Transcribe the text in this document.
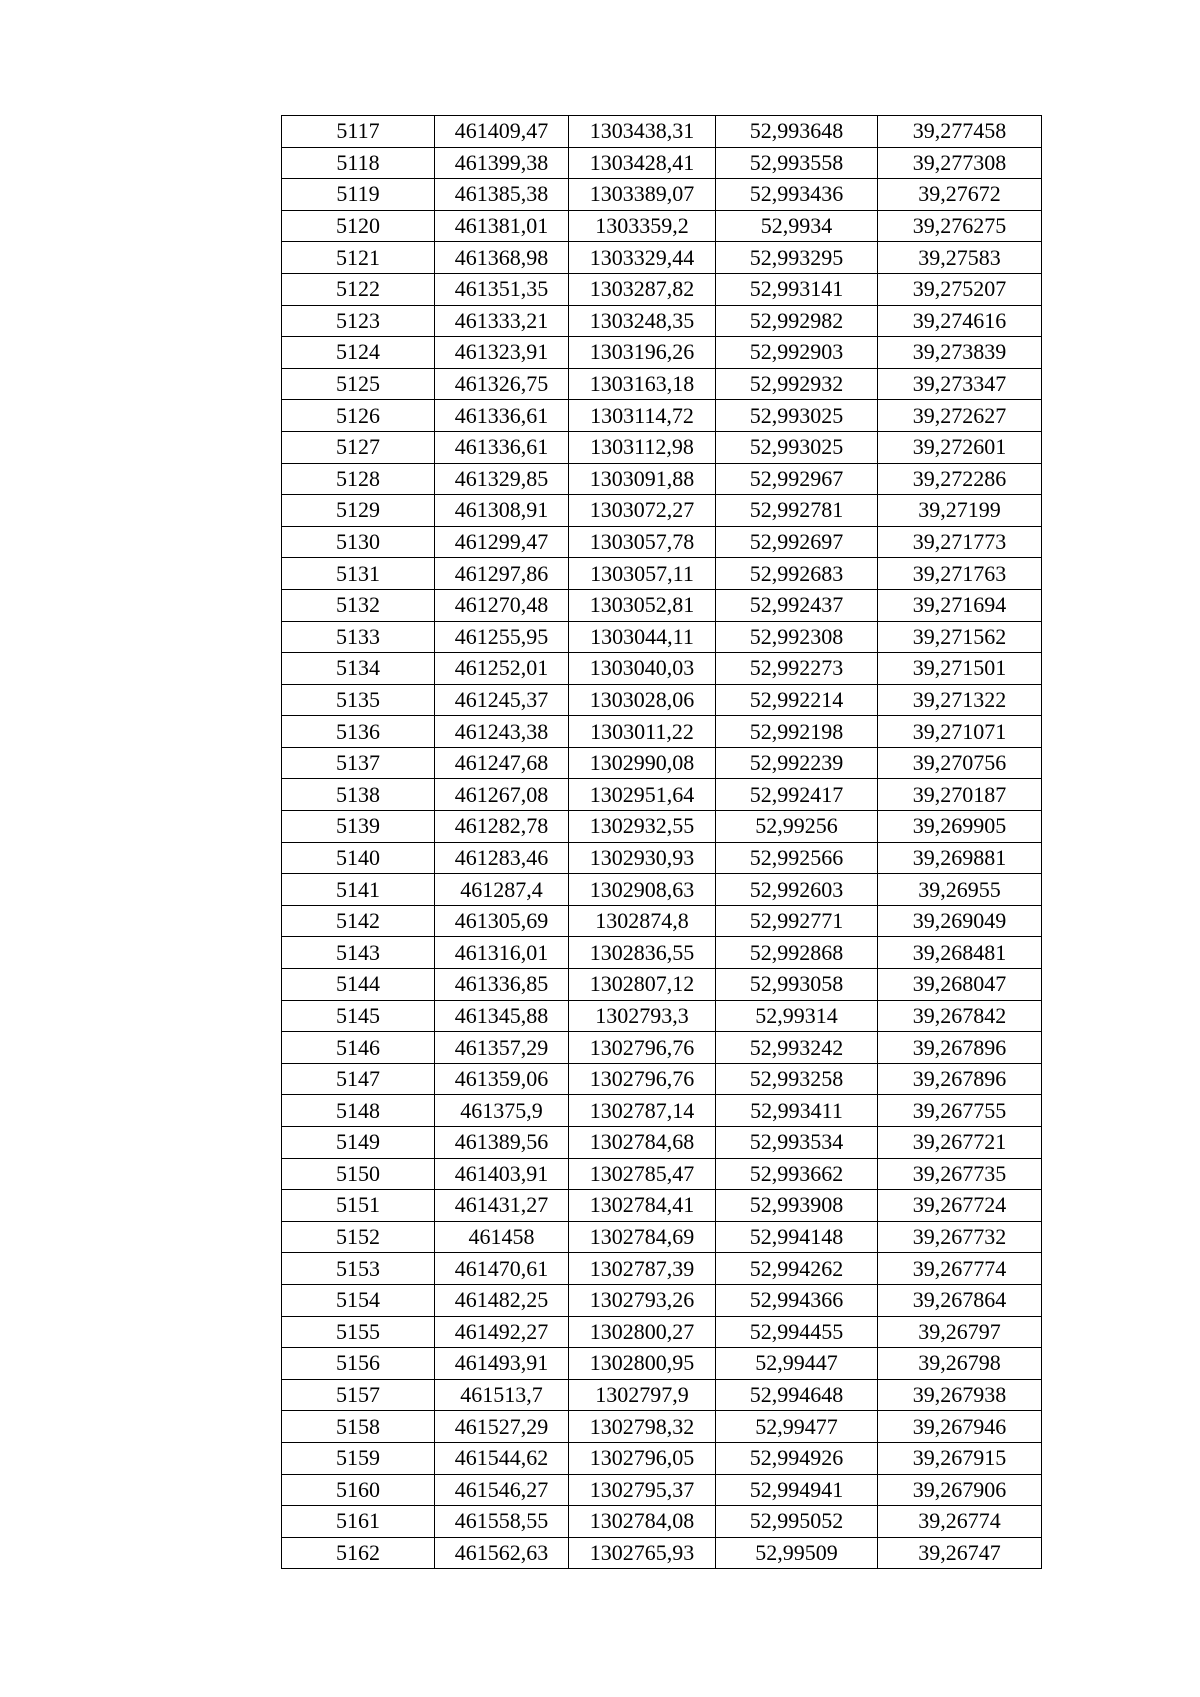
5117	461409,47	1303438,31	52,993648	39,277458
5118	461399,38	1303428,41	52,993558	39,277308
5119	461385,38	1303389,07	52,993436	39,27672
5120	461381,01	1303359,2	52,9934	39,276275
5121	461368,98	1303329,44	52,993295	39,27583
5122	461351,35	1303287,82	52,993141	39,275207
5123	461333,21	1303248,35	52,992982	39,274616
5124	461323,91	1303196,26	52,992903	39,273839
5125	461326,75	1303163,18	52,992932	39,273347
5126	461336,61	1303114,72	52,993025	39,272627
5127	461336,61	1303112,98	52,993025	39,272601
5128	461329,85	1303091,88	52,992967	39,272286
5129	461308,91	1303072,27	52,992781	39,27199
5130	461299,47	1303057,78	52,992697	39,271773
5131	461297,86	1303057,11	52,992683	39,271763
5132	461270,48	1303052,81	52,992437	39,271694
5133	461255,95	1303044,11	52,992308	39,271562
5134	461252,01	1303040,03	52,992273	39,271501
5135	461245,37	1303028,06	52,992214	39,271322
5136	461243,38	1303011,22	52,992198	39,271071
5137	461247,68	1302990,08	52,992239	39,270756
5138	461267,08	1302951,64	52,992417	39,270187
5139	461282,78	1302932,55	52,99256	39,269905
5140	461283,46	1302930,93	52,992566	39,269881
5141	461287,4	1302908,63	52,992603	39,26955
5142	461305,69	1302874,8	52,992771	39,269049
5143	461316,01	1302836,55	52,992868	39,268481
5144	461336,85	1302807,12	52,993058	39,268047
5145	461345,88	1302793,3	52,99314	39,267842
5146	461357,29	1302796,76	52,993242	39,267896
5147	461359,06	1302796,76	52,993258	39,267896
5148	461375,9	1302787,14	52,993411	39,267755
5149	461389,56	1302784,68	52,993534	39,267721
5150	461403,91	1302785,47	52,993662	39,267735
5151	461431,27	1302784,41	52,993908	39,267724
5152	461458	1302784,69	52,994148	39,267732
5153	461470,61	1302787,39	52,994262	39,267774
5154	461482,25	1302793,26	52,994366	39,267864
5155	461492,27	1302800,27	52,994455	39,26797
5156	461493,91	1302800,95	52,99447	39,26798
5157	461513,7	1302797,9	52,994648	39,267938
5158	461527,29	1302798,32	52,99477	39,267946
5159	461544,62	1302796,05	52,994926	39,267915
5160	461546,27	1302795,37	52,994941	39,267906
5161	461558,55	1302784,08	52,995052	39,26774
5162	461562,63	1302765,93	52,99509	39,26747
